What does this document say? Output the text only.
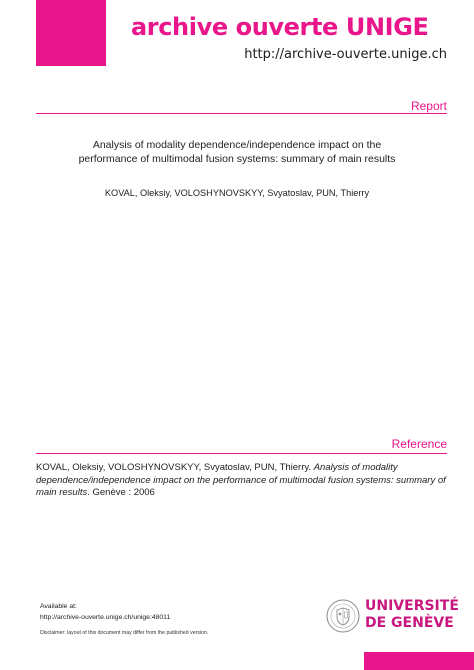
archive ouverte UNIGE
http://archive-ouverte.unige.ch
Report
Analysis of modality dependence/independence impact on the
performance of multimodal fusion systems: summary of main results
KOVAL, Oleksiy, VOLOSHYNOVSKYY, Svyatoslav, PUN, Thierry
Reference
KOVAL, Oleksiy, VOLOSHYNOVSKYY, Svyatoslav, PUN, Thierry. Analysis of modality dependence/independence impact on the performance of multimodal fusion systems: summary of main results. Genève : 2006
Available at:
http://archive-ouverte.unige.ch/unige:48011
Disclaimer: layout of this document may differ from the published version.
UNIVERSITÉ
DE GENÈVE
